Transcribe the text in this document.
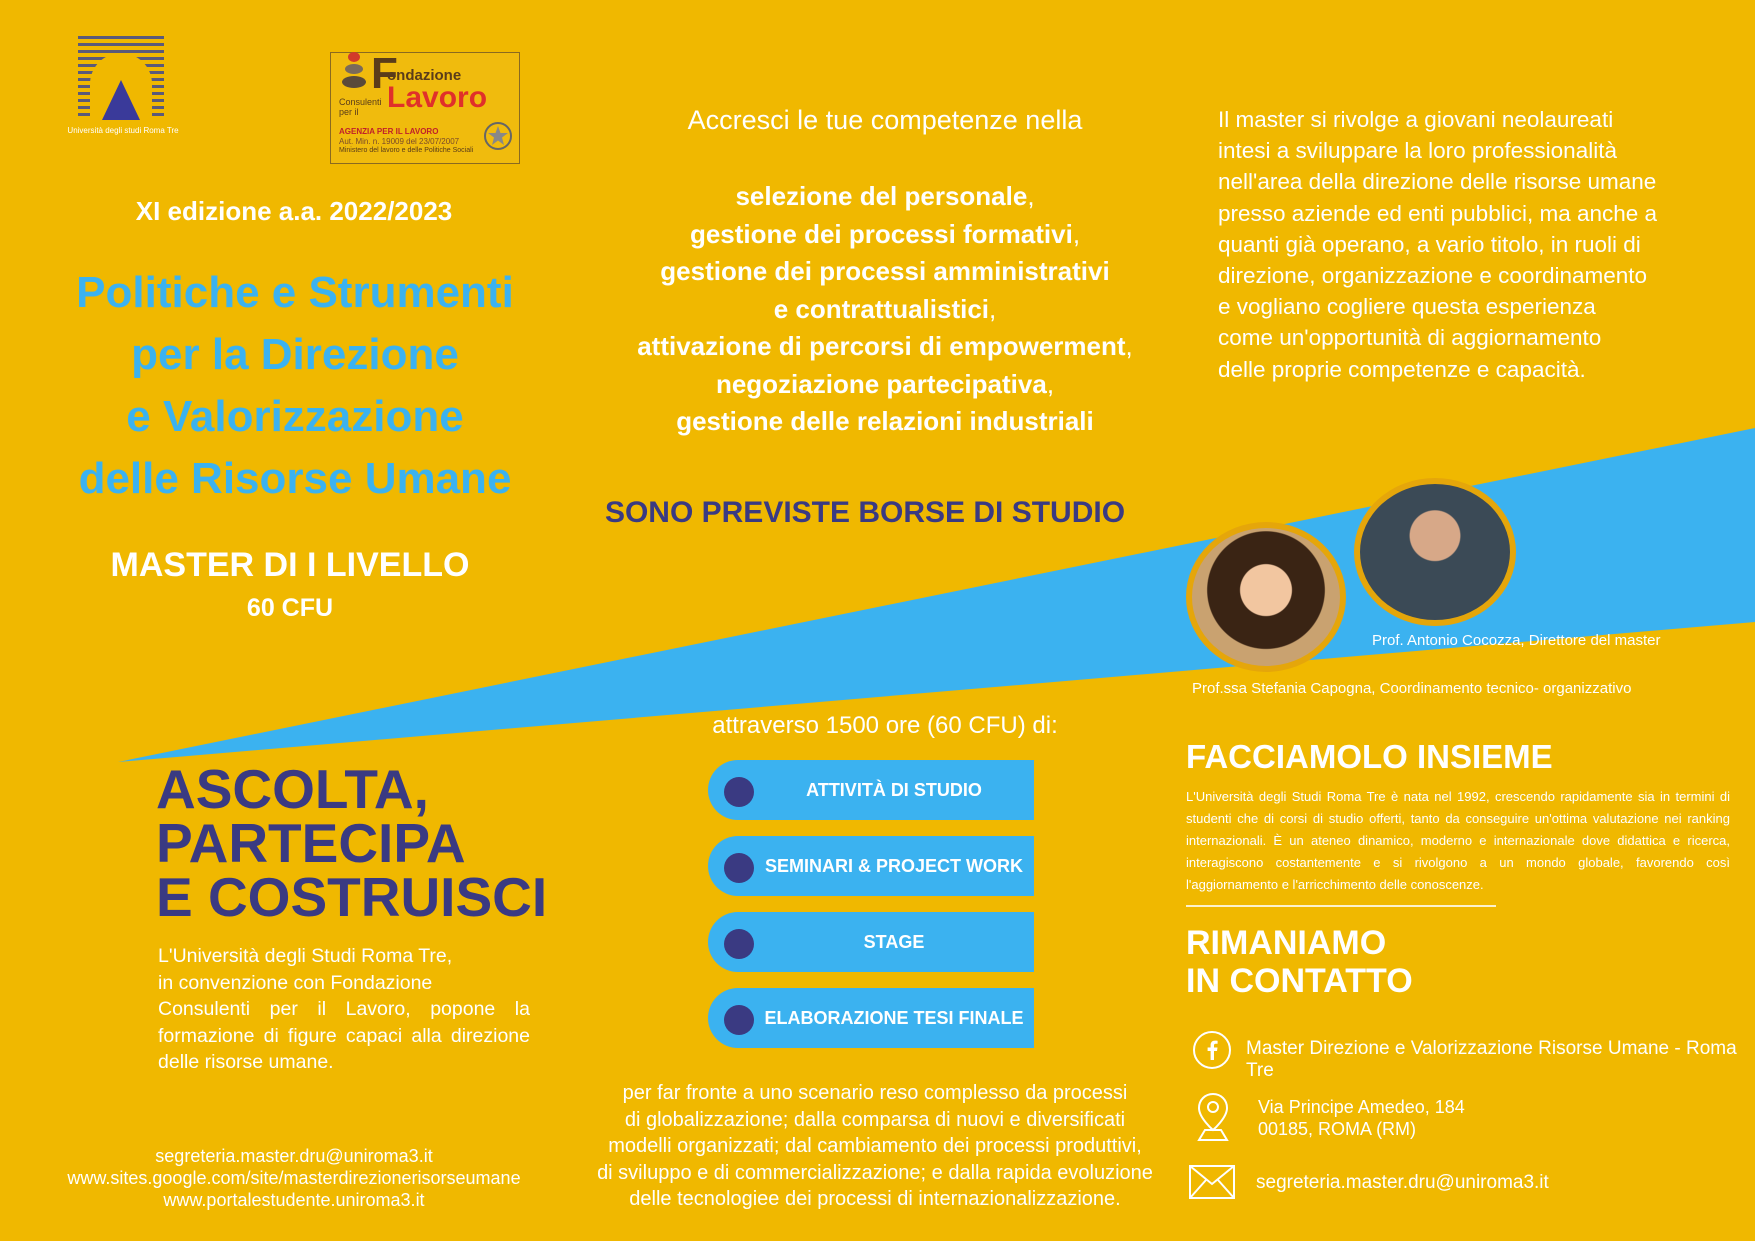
Università degli studi Roma Tre
F
ondazione
Lavoro
Consulenti per il
AGENZIA PER IL LAVORO
Aut. Min. n. 19009 del 23/07/2007
Ministero del lavoro e delle Politiche Sociali
XI edizione a.a. 2022/2023
Politiche e Strumenti
per la Direzione
e Valorizzazione
delle Risorse Umane
MASTER DI I LIVELLO
60 CFU
ASCOLTA,
PARTECIPA
E COSTRUISCI
L'Università degli Studi Roma Tre,
in convenzione con Fondazione
Consulenti per il Lavoro, popone la formazione di figure capaci alla direzione delle risorse umane.
segreteria.master.dru@uniroma3.it
www.sites.google.com/site/masterdirezionerisorseumane
www.portalestudente.uniroma3.it
Accresci le tue competenze nella
selezione del personale,
gestione dei processi formativi,
gestione dei processi amministrativi
e contrattualistici,
attivazione di percorsi di empowerment,
negoziazione partecipativa,
gestione delle relazioni industriali
SONO PREVISTE BORSE DI STUDIO
attraverso 1500 ore (60 CFU) di:
ATTIVITÀ DI STUDIO
SEMINARI & PROJECT WORK
STAGE
ELABORAZIONE TESI FINALE
per far fronte a uno scenario reso complesso da processi
di globalizzazione; dalla comparsa di nuovi e diversificati
modelli organizzati; dal cambiamento dei processi produttivi,
di sviluppo e di commercializzazione; e dalla rapida evoluzione
delle tecnologiee dei processi di internazionalizzazione.
Il master si rivolge a giovani neolaureati
intesi a sviluppare la loro professionalità
nell'area della direzione delle risorse umane
presso aziende ed enti pubblici, ma anche a
quanti già operano, a vario titolo, in ruoli di
direzione, organizzazione e coordinamento
e vogliano cogliere questa esperienza
come un'opportunità di aggiornamento
delle proprie competenze e capacità.
Prof. Antonio Cocozza, Direttore del master
Prof.ssa Stefania Capogna, Coordinamento tecnico- organizzativo
FACCIAMOLO INSIEME
L'Università degli Studi Roma Tre è nata nel 1992, crescendo rapidamente sia in termini di studenti che di corsi di studio offerti, tanto da conseguire un'ottima valutazione nei ranking internazionali. È un ateneo dinamico, moderno e internazionale dove didattica e ricerca, interagiscono costantemente e si rivolgono a un mondo globale, favorendo così l'aggiornamento e l'arricchimento delle conoscenze.
RIMANIAMO
IN CONTATTO
Master Direzione e Valorizzazione Risorse Umane - Roma Tre
Via Principe Amedeo, 184
00185, ROMA (RM)
segreteria.master.dru@uniroma3.it
